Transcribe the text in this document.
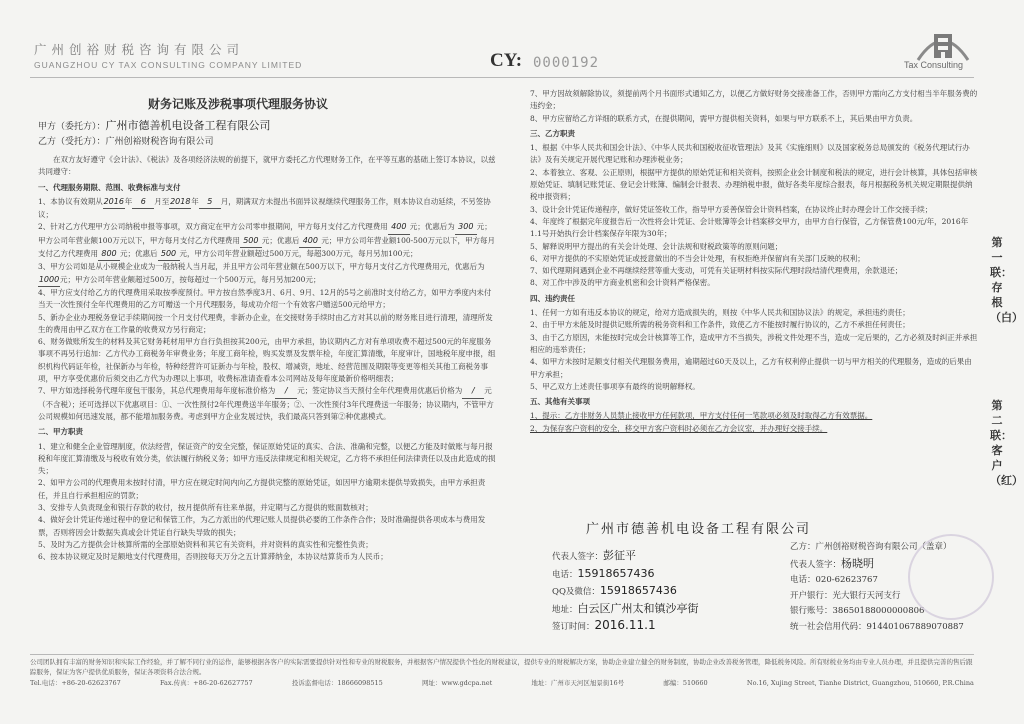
广州创裕财税咨询有限公司
GUANGZHOU CY TAX CONSULTING COMPANY LIMITED	CY: 0000192	Tax Consulting
财务记账及涉税事项代理服务协议
甲方（委托方）：广州市德善机电设备工程有限公司
乙方（受托方）：广州创裕财税咨询有限公司

在双方友好遵守《会计法》、《税法》及各项经济法规的前提下，就甲方委托乙方代理财务工作，在平等互惠的基础上签订本协议，以兹共同遵守：

一、代理服务期限、范围、收费标准与支付

1、本协议有效期从2016年 6 月至2018年 5 月，期满双方未提出书面异议视继续代理服务工作，则本协议自动延续，不另签协议；

2、针对乙方代理甲方公司纳税申报等事项，双方商定在甲方公司零申报期间，甲方每月支付乙方代理费用 400 元；优惠后为 300 元；甲方公司年营业额100万元以下，甲方每月支付乙方代理费用 500 元；优惠后 400 元；甲方公司年营业额100-500万元以下，甲方每月支付乙方代理费用 800 元；优惠后 500 元，甲方公司年营业额超过500万元，每超300万元，每月另加100元；

3、甲方公司如是从小规模企业成为一般纳税人当月起，并且甲方公司年营业额在500万以下，甲方每月支付乙方代理费用元，优惠后为1000元；甲方公司年营业额超过500万，按每超过一个500万元，每月另加200元；

4、甲方应支付给乙方的代理费用采取按季度预付。甲方按自然季度3月、6月、9月、12月的5号之前准时支付给乙方，如甲方季度内未付当天一次性预付全年代理费用的乙方可赠送一个月代理服务，每成功介绍一个有效客户赠送500元给甲方；

5、新办企业办理税务登记手续期间按一个月支付代理费，非新办企业，在交接财务手续时由乙方对其以前的财务账目进行清理，清理所发生的费用由甲乙双方在工作量的收费双方另行商定；

6、财务做账所发生的材料及其它财务耗材用甲方自行负担按其200元，由甲方承担，协议期内乙方对有单项收费不超过500元的年度服务事项不再另行追加：乙方代办工商税务年审费业务；年度工商年检，购买发票及发票年检，年度汇算清缴，年度审计，国地税年度申报，组织机构代码证年检，社保新办与年检，特种经营许可证新办与年检，股权、增减资，地址、经营范围及期限等变更等相关其他工商税务事项，甲方享受优惠价后须交由乙方代为办理以上事项，收费标准请查看本公司网站及每年度最新价格明细表；

7、甲方如选择税务代理年度包干服务，其总代理费用每年度标准价格为 / 元；签定协议当天预付全年代理费用优惠后价格为 / 元（不含税）；还可选择以下优惠项目：①、一次性预付2年代理费送半年服务；②、一次性预付3年代理费送一年服务；协议期内，不管甲方公司规模如何迅速发展，都不能增加服务费。考虑到甲方企业发展过快，我们最高只答到第②种优惠模式。

二、甲方职责

1、建立和健全企业管理制度，依法经营，保证资产的安全完整，保证原始凭证的真实、合法、准确和完整，以便乙方能及时做账与每月报税和年度汇算清缴及与税收有效分类，依法履行纳税义务；如甲方违反法律规定和相关规定，乙方将不承担任何法律责任以及由此造成的损失；

2、如甲方公司的代理费用未按时付清，甲方应在规定时间内向乙方提供完整的原始凭证，如因甲方逾期未提供导致损失，由甲方承担责任，并且自行承担相应的罚款；

3、安排专人负责现金和银行存款的收付，按月提供所有往来单据，并定期与乙方提供的账面数核对；

4、做好会计凭证传递过程中的登记和保管工作，为乙方派出的代理记账人员提供必要的工作条件合作；及时准确提供各项成本与费用发票，否则将因会计数据失真或会计凭证自行缺失导致的损失；

5、及时为乙方提供会计核算所需的全部原始资料和其它有关资料，并对资料的真实性和完整性负责；

6、按本协议规定及时足额地支付代理费用，否则按每天万分之五计算滞纳金，本协议结算货币为人民币；

7、甲方因故须解除协议，须提前两个月书面形式通知乙方，以便乙方做好财务交接准备工作，否则甲方需向乙方支付相当半年服务费的违约金；

8、甲方应留给乙方详细的联系方式，在提供期间，需甲方提供相关资料，如果与甲方联系不上，其后果由甲方负责。

三、乙方职责

1、根据《中华人民共和国会计法》、《中华人民共和国税收征收管理法》及其《实施细则》以及国家税务总局颁发的《税务代理试行办法》及有关规定开展代理记账和办理涉税业务；

2、本着独立、客观、公正原则，根据甲方提供的原始凭证和相关资料，按照企业会计制度和税法的规定，进行会计核算，具体包括审核原始凭证、填制记账凭证、登记会计账簿、编制会计报表、办理纳税申报，做好各类年度综合报表，每月根据税务机关规定期限提供纳税申报资料；

3、设计会计凭证传递程序，做好凭证签收工作，指导甲方妥善保管会计资料档案，在协议终止时办理会计工作交接手续；

4、年度终了根据完年度报告后一次性将会计凭证、会计账簿等会计档案移交甲方，由甲方自行保管，乙方保管费100元/年，2016年1.1号开始执行会计档案保存年限为30年；

5、解释说明甲方提出的有关会计处理、会计法规和财税政策等的原则问题；

6、对甲方提供的不实原始凭证或授意做出的不当会计处理，有权拒绝并保留向有关部门反映的权利；

7、如代理期间遇到企业不再继续经营等重大变动，可凭有关证明材料按实际代理时段结清代理费用，余款退还；

8、对工作中涉及的甲方商业机密和会计资料严格保密。

四、违约责任

1、任何一方如有违反本协议的规定，给对方造成损失的，则按《中华人民共和国协议法》的规定，承担违约责任；

2、由于甲方未能及时提供记账所需的税务资料和工作条件，致使乙方不能按时履行协议的，乙方不承担任何责任；

3、由于乙方原因，未能按时完成会计核算等工作，造成甲方不当损失，涉税文件处理不当，造成一定后果的，乙方必须及时纠正并承担相应的违举责任；

4、如甲方未按时足额支付相关代理服务费用，逾期超过60天及以上，乙方有权利停止提供一切与甲方相关的代理服务，造成的后果由甲方承担；

5、甲乙双方上述责任事项享有最终的说明解释权。

五、其他有关事项

1、提示：乙方非财务人员禁止接收甲方任何款项，甲方支付任何一笔款项必须及时取得乙方有效票据。

2、为保存客户资料的安全，移交甲方客户资料时必须在乙方会议室，并办理好交接手续。

第一联：存根（白）
第二联：客户（红）
广州市德善机电设备工程有限公司
代表人签字：彭征平
电话：15918657436
QQ及微信：15918657436
地址：白云区广州太和镇沙亭街
签订时间：2016.11.1
乙方：广州创裕财税咨询有限公司（盖章）
代表人签字：杨晓明
电话：020-62623767
开户银行：光大银行天河支行
银行账号：38650188000000806
统一社会信用代码：914401067889070887
公司团队拥有丰富的财务知识和实际工作经验，并了解不同行业的运作，能够根据各客户的实际需要提供针对性和专业的财税服务，并根据客户情况提供个性化的财税建议，提供专业的财税解决方案，协助企业建立健全的财务制度，协助企业改善税务管理，降低税务风险。所有财税业务均由专业人员办理，并且提供完善的售后跟踪服务，保证为客户提供优质服务，保证各项资料合法合规。
Tel.电话：+86-20-62623767	Fax.传真：+86-20-62627757	投诉监督电话：18666098515	网址：www.gdcpa.net	地址：广州市天河区旭景街16号	邮编：510660	No.16, Xujing Street, Tianhe District, Guangzhou, 510660, P.R.China
